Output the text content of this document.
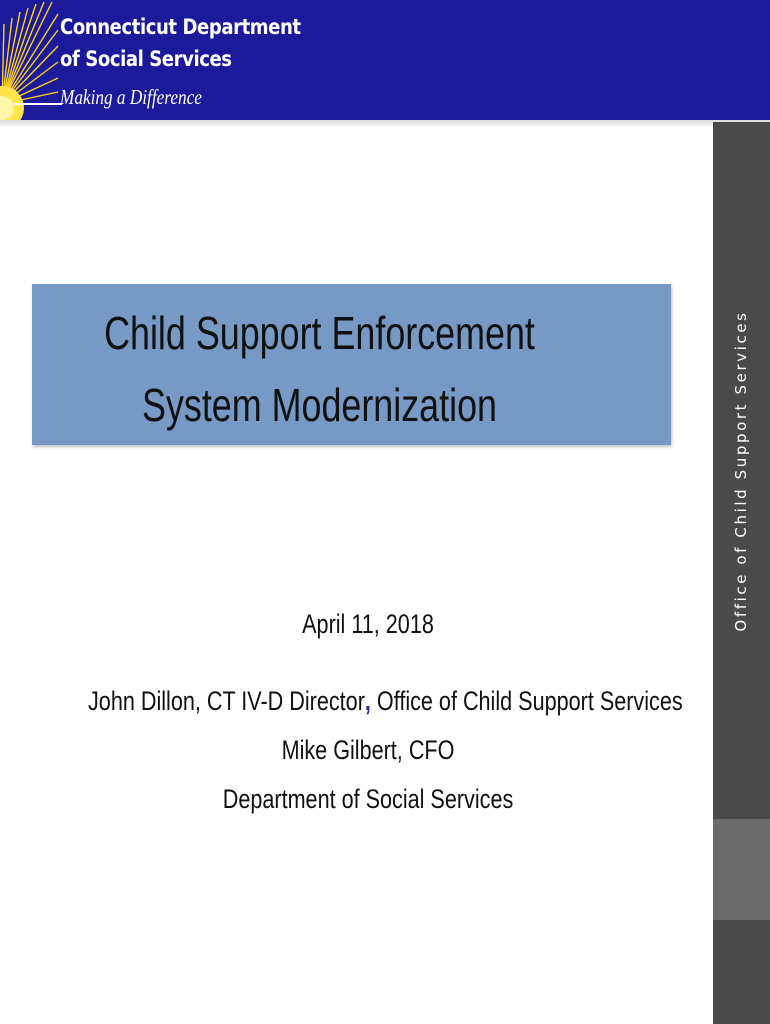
Connecticut Department
of Social Services
Making a Difference
Office of Child Support Services
Child Support Enforcement
System Modernization
April 11, 2018
John Dillon, CT IV-D Director, Office of Child Support Services
Mike Gilbert, CFO
Department of Social Services
